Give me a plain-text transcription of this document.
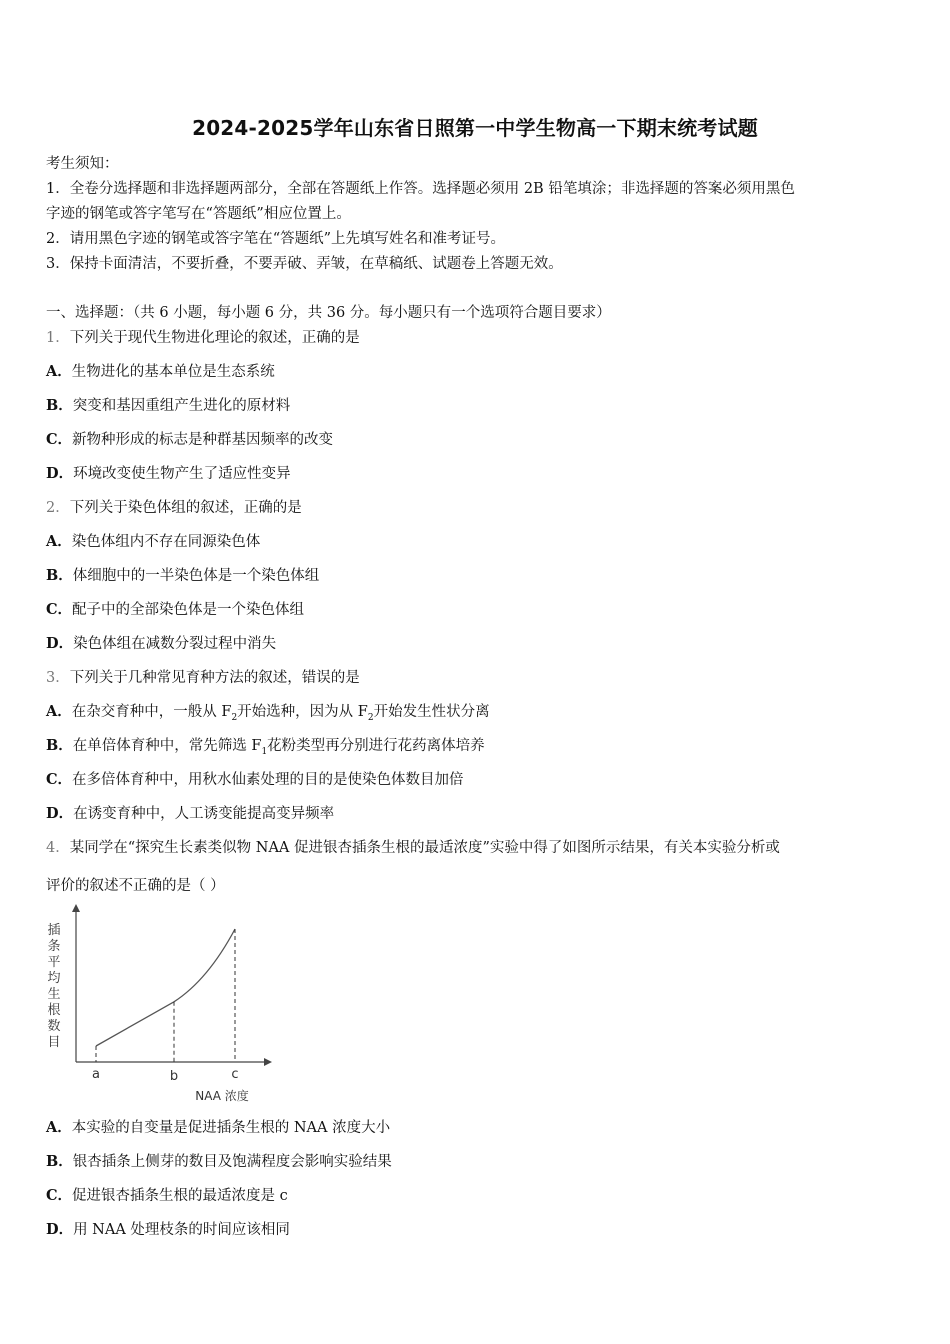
2024-2025学年山东省日照第一中学生物高一下期末统考试题
考生须知：
1．全卷分选择题和非选择题两部分，全部在答题纸上作答。选择题必须用 2B 铅笔填涂；非选择题的答案必须用黑色
字迹的钢笔或答字笔写在“答题纸”相应位置上。
2．请用黑色字迹的钢笔或答字笔在“答题纸”上先填写姓名和准考证号。
3．保持卡面清洁，不要折叠，不要弄破、弄皱，在草稿纸、试题卷上答题无效。
一、选择题：（共 6 小题，每小题 6 分，共 36 分。每小题只有一个选项符合题目要求）
1．下列关于现代生物进化理论的叙述，正确的是
A．生物进化的基本单位是生态系统
B．突变和基因重组产生进化的原材料
C．新物种形成的标志是种群基因频率的改变
D．环境改变使生物产生了适应性变异
2．下列关于染色体组的叙述，正确的是
A．染色体组内不存在同源染色体
B．体细胞中的一半染色体是一个染色体组
C．配子中的全部染色体是一个染色体组
D．染色体组在减数分裂过程中消失
3．下列关于几种常见育种方法的叙述，错误的是
A．在杂交育种中，一般从 $F_2$开始选种，因为从 $F_2$开始发生性状分离
B．在单倍体育种中，常先筛选 $F_1$花粉类型再分别进行花药离体培养
C．在多倍体育种中，用秋水仙素处理的目的是使染色体数目加倍
D．在诱变育种中，人工诱变能提高变异频率
4．某同学在“探究生长素类似物 NAA 促进银杏插条生根的最适浓度”实验中得了如图所示结果，有关本实验分析或
评价的叙述不正确的是（ ）
插
条
平
均
生
根
数
目
a	b	c
NAA 浓度
A．本实验的自变量是促进插条生根的 NAA 浓度大小
B．银杏插条上侧芽的数目及饱满程度会影响实验结果
C．促进银杏插条生根的最适浓度是 c
D．用 NAA 处理枝条的时间应该相同
